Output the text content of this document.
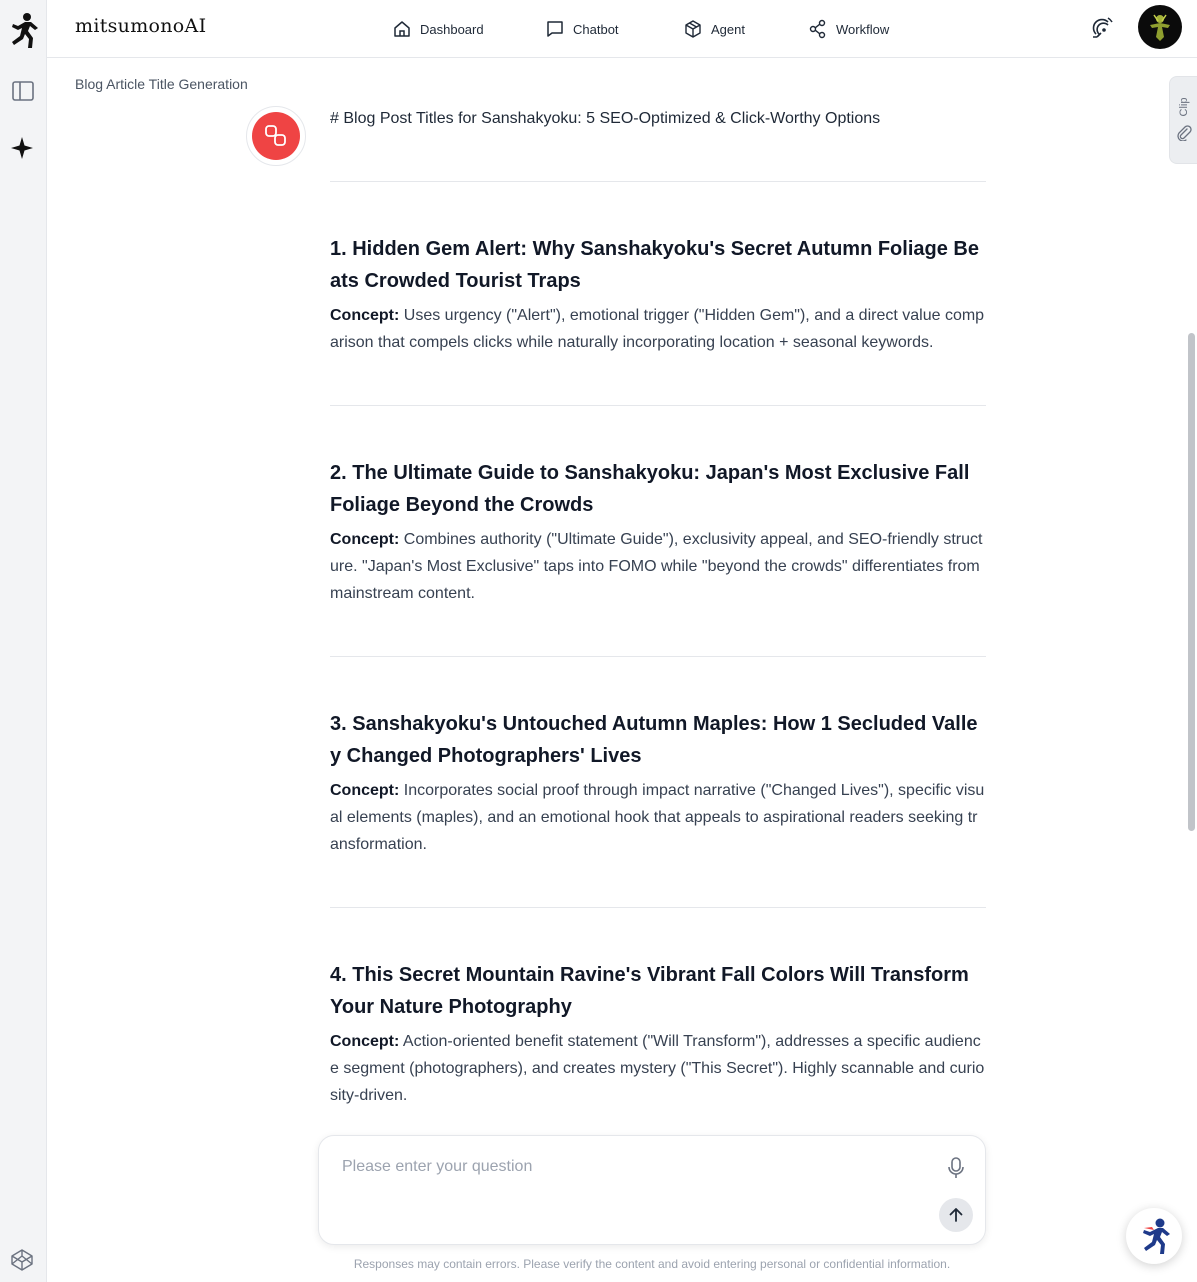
mitsumonoAI	Dashboard	Chatbot	Agent	Workflow
Blog Article Title Generation
Clip
# Blog Post Titles for Sanshakyoku: 5 SEO-Optimized & Click-Worthy Options
1. Hidden Gem Alert: Why Sanshakyoku's Secret Autumn Foliage Beats Crowded Tourist Traps

Concept: Uses urgency ("Alert"), emotional trigger ("Hidden Gem"), and a direct value comparison that compels clicks while naturally incorporating location + seasonal keywords.

2. The Ultimate Guide to Sanshakyoku: Japan's Most Exclusive Fall Foliage Beyond the Crowds

Concept: Combines authority ("Ultimate Guide"), exclusivity appeal, and SEO-friendly structure. "Japan's Most Exclusive" taps into FOMO while "beyond the crowds" differentiates from mainstream content.

3. Sanshakyoku's Untouched Autumn Maples: How 1 Secluded Valley Changed Photographers' Lives

Concept: Incorporates social proof through impact narrative ("Changed Lives"), specific visual elements (maples), and an emotional hook that appeals to aspirational readers seeking transformation.

4. This Secret Mountain Ravine's Vibrant Fall Colors Will Transform Your Nature Photography

Concept: Action-oriented benefit statement ("Will Transform"), addresses a specific audience segment (photographers), and creates mystery ("This Secret"). Highly scannable and curiosity-driven.

Please enter your question
Responses may contain errors. Please verify the content and avoid entering personal or confidential information.
